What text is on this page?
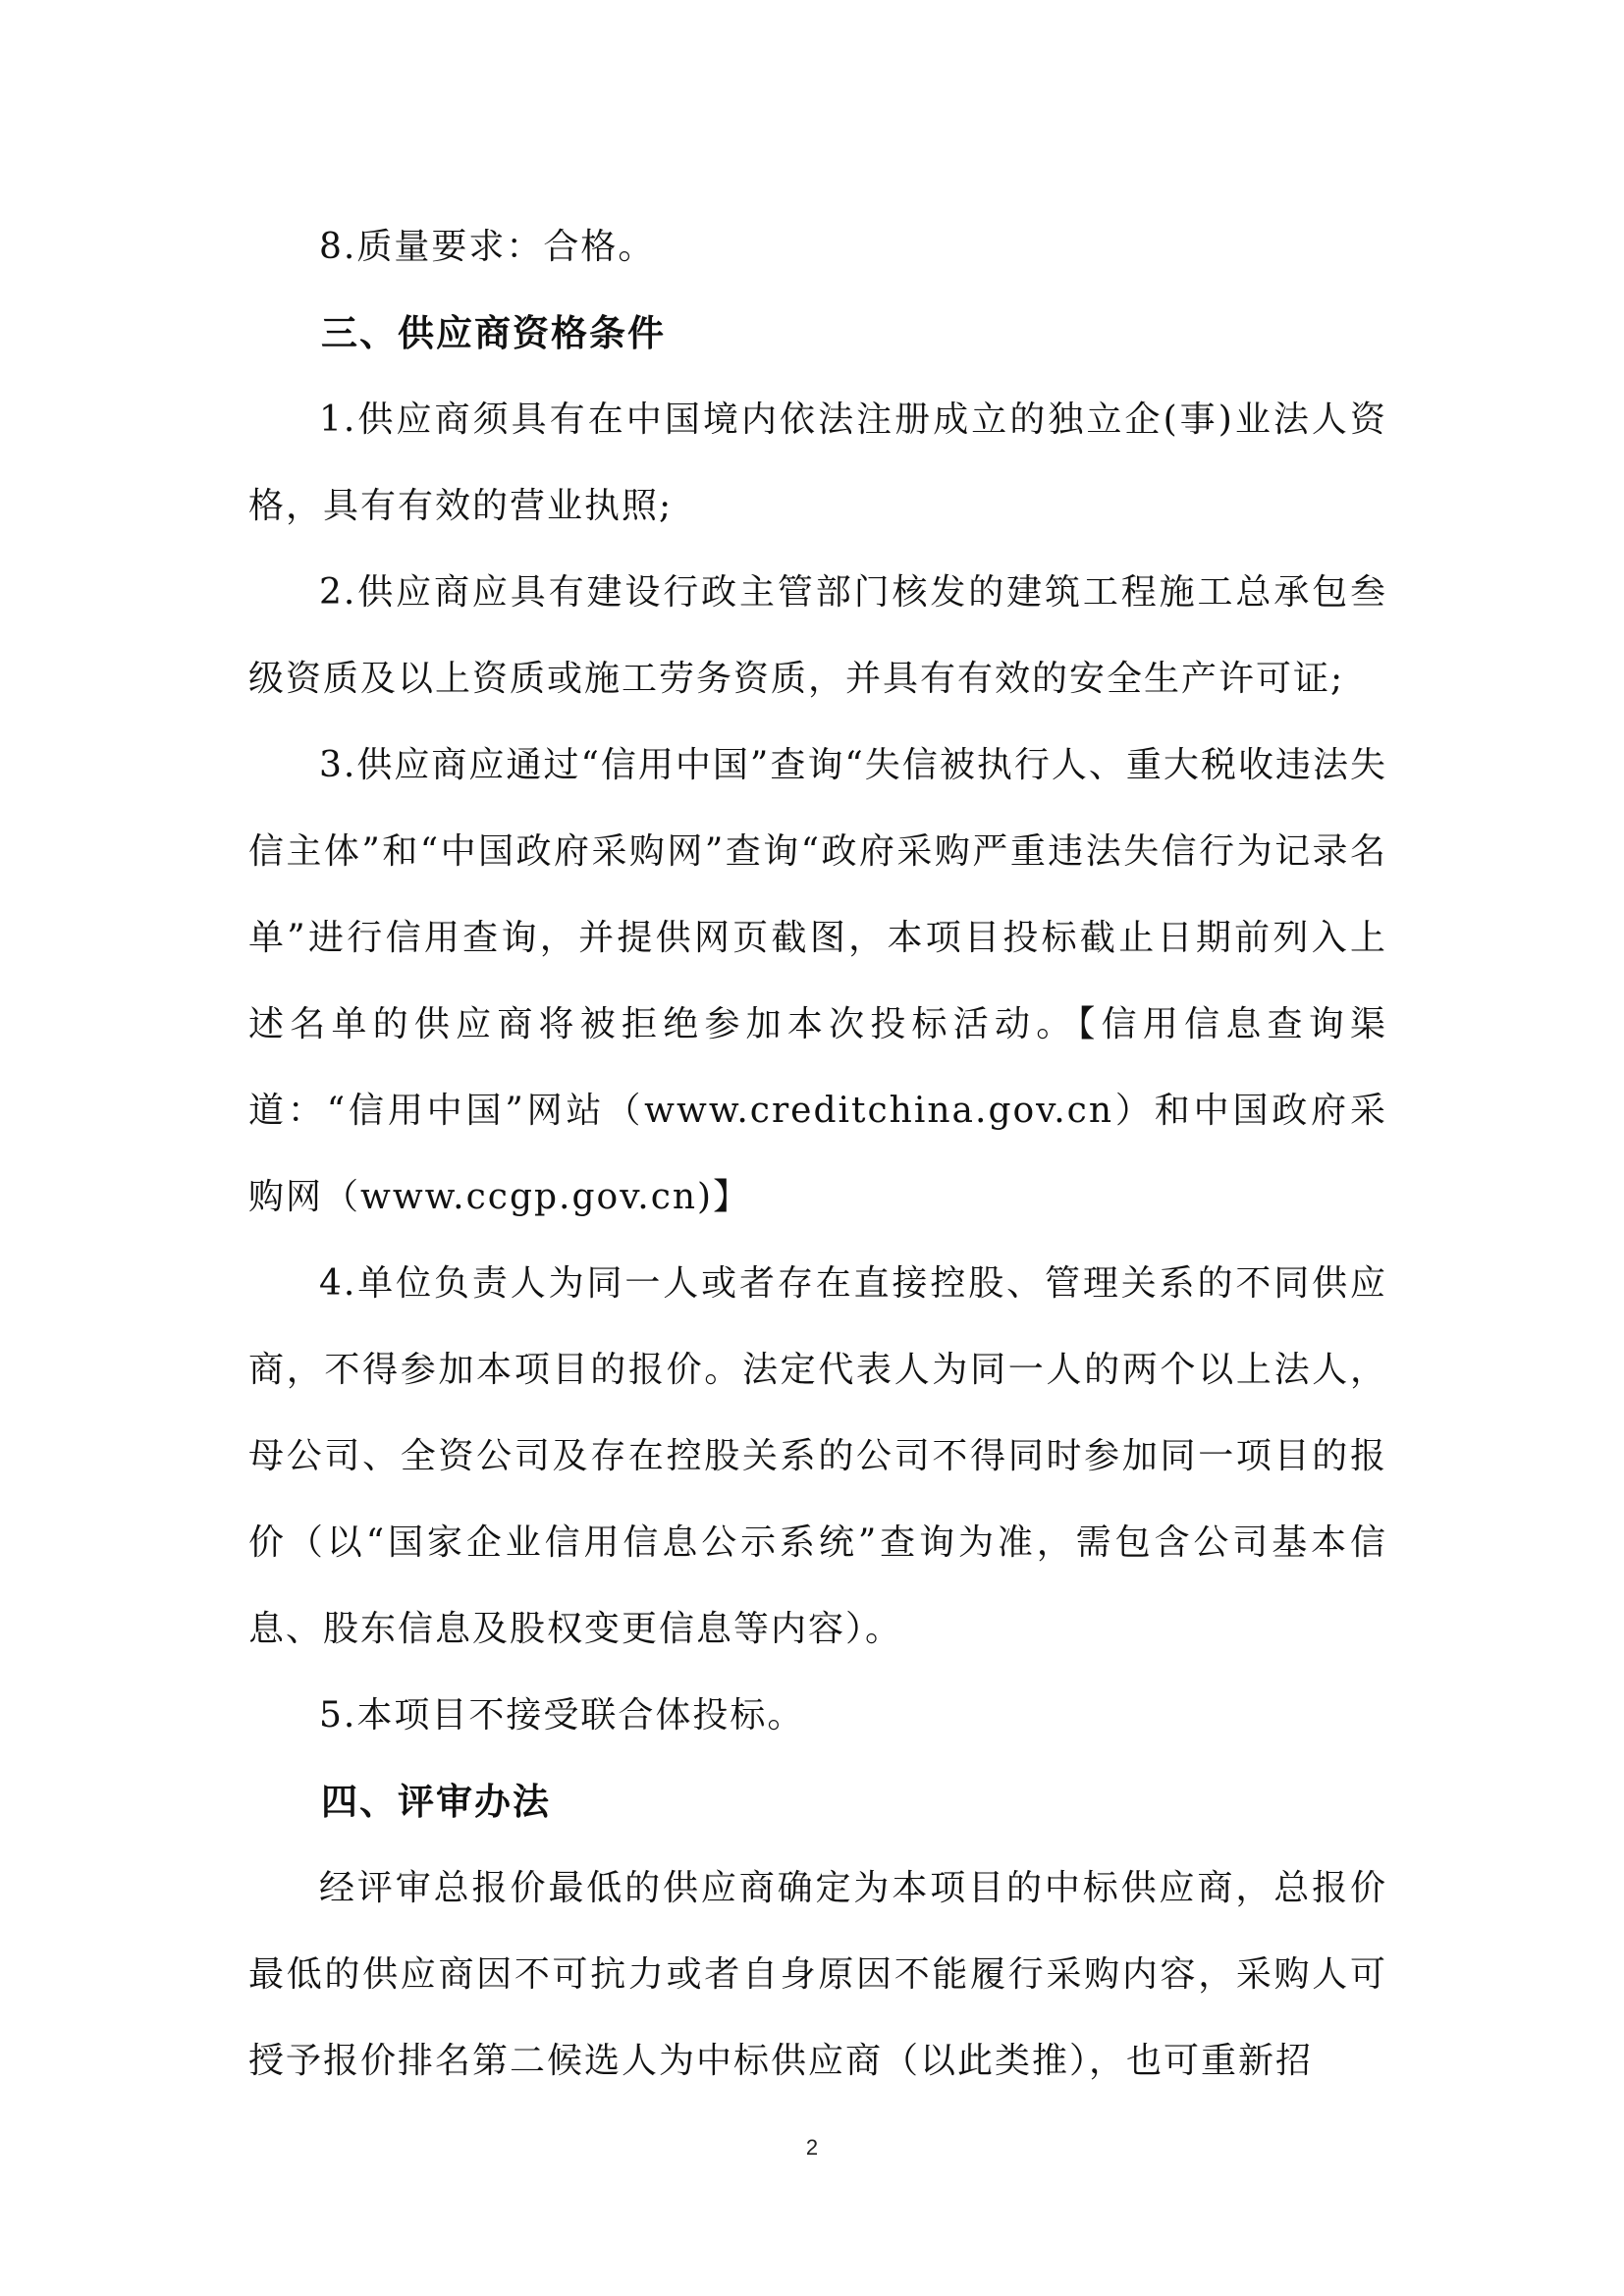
8.质量要求：合格。

三、供应商资格条件

1.供应商须具有在中国境内依法注册成立的独立企(事)业法人资格，具有有效的营业执照;

2.供应商应具有建设行政主管部门核发的建筑工程施工总承包叁级资质及以上资质或施工劳务资质，并具有有效的安全生产许可证;

3.供应商应通过“信用中国”查询“失信被执行人、重大税收违法失信主体”和“中国政府采购网”查询“政府采购严重违法失信行为记录名单”进行信用查询，并提供网页截图，本项目投标截止日期前列入上述名单的供应商将被拒绝参加本次投标活动。【信用信息查询渠道：“信用中国”网站（www.creditchina.gov.cn）和中国政府采购网（www.ccgp.gov.cn)】

4.单位负责人为同一人或者存在直接控股、管理关系的不同供应商，不得参加本项目的报价。法定代表人为同一人的两个以上法人，母公司、全资公司及存在控股关系的公司不得同时参加同一项目的报价（以“国家企业信用信息公示系统”查询为准，需包含公司基本信息、股东信息及股权变更信息等内容）。

5.本项目不接受联合体投标。

四、评审办法

经评审总报价最低的供应商确定为本项目的中标供应商，总报价最低的供应商因不可抗力或者自身原因不能履行采购内容，采购人可授予报价排名第二候选人为中标供应商（以此类推），也可重新招

2
